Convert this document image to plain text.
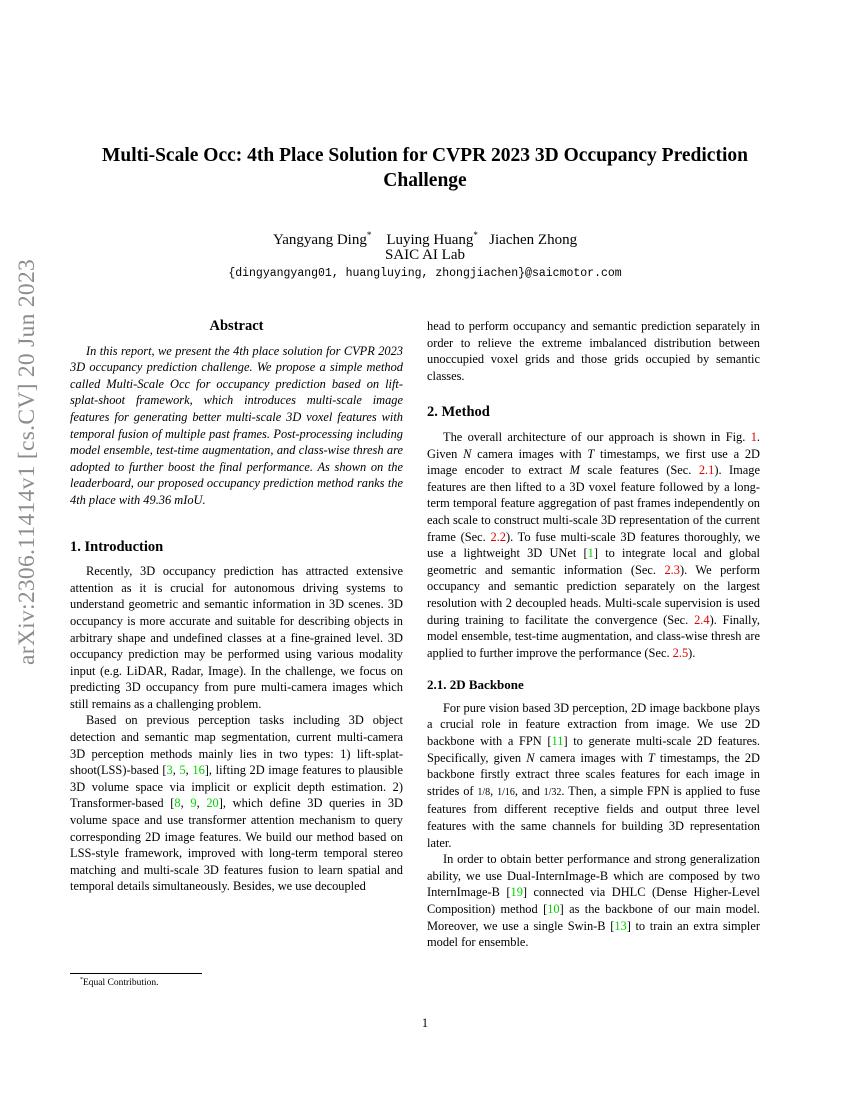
Multi-Scale Occ: 4th Place Solution for CVPR 2023 3D Occupancy Prediction Challenge
Yangyang Ding* Luying Huang* Jiachen Zhong
SAIC AI Lab
{dingyangyang01, huangluying, zhongjiachen}@saicmotor.com
arXiv:2306.11414v1 [cs.CV] 20 Jun 2023	Abstract

In this report, we present the 4th place solution for CVPR 2023 3D occupancy prediction challenge. We propose a simple method called Multi-Scale Occ for occupancy prediction based on lift-splat-shoot framework, which introduces multi-scale image features for generating better multi-scale 3D voxel features with temporal fusion of multiple past frames. Post-processing including model ensemble, test-time augmentation, and class-wise thresh are adopted to further boost the final performance. As shown on the leaderboard, our proposed occupancy prediction method ranks the 4th place with 49.36 mIoU.

1. Introduction

Recently, 3D occupancy prediction has attracted extensive attention as it is crucial for autonomous driving systems to understand geometric and semantic information in 3D scenes. 3D occupancy is more accurate and suitable for describing objects in arbitrary shape and undefined classes at a fine-grained level. 3D occupancy prediction may be performed using various modality input (e.g. LiDAR, Radar, Image). In the challenge, we focus on predicting 3D occupancy from pure multi-camera images which still remains as a challenging problem.

Based on previous perception tasks including 3D object detection and semantic map segmentation, current multi-camera 3D perception methods mainly lies in two types: 1) lift-splat-shoot(LSS)-based [3, 5, 16], lifting 2D image features to plausible 3D volume space via implicit or explicit depth estimation. 2) Transformer-based [8, 9, 20], which define 3D queries in 3D volume space and use transformer attention mechanism to query corresponding 2D image features. We build our method based on LSS-style framework, improved with long-term temporal stereo matching and multi-scale 3D features fusion to learn spatial and temporal details simultaneously. Besides, we use decoupled

head to perform occupancy and semantic prediction separately in order to relieve the extreme imbalanced distribution between unoccupied voxel grids and those grids occupied by semantic classes.

2. Method

The overall architecture of our approach is shown in Fig. 1. Given N camera images with T timestamps, we first use a 2D image encoder to extract M scale features (Sec. 2.1). Image features are then lifted to a 3D voxel feature followed by a long-term temporal feature aggregation of past frames independently on each scale to construct multi-scale 3D representation of the current frame (Sec. 2.2). To fuse multi-scale 3D features thoroughly, we use a lightweight 3D UNet [1] to integrate local and global geometric and semantic information (Sec. 2.3). We perform occupancy and semantic prediction separately on the largest resolution with 2 decoupled heads. Multi-scale supervision is used during training to facilitate the convergence (Sec. 2.4). Finally, model ensemble, test-time augmentation, and class-wise thresh are applied to further improve the performance (Sec. 2.5).

2.1. 2D Backbone

For pure vision based 3D perception, 2D image backbone plays a crucial role in feature extraction from image. We use 2D backbone with a FPN [11] to generate multi-scale 2D features. Specifically, given N camera images with T timestamps, the 2D backbone firstly extract three scales features for each image in strides of 1/8, 1/16, and 1/32. Then, a simple FPN is applied to fuse features from different receptive fields and output three level features with the same channels for building 3D representation later.

In order to obtain better performance and strong generalization ability, we use Dual-InternImage-B which are composed by two InternImage-B [19] connected via DHLC (Dense Higher-Level Composition) method [10] as the backbone of our main model. Moreover, we use a single Swin-B [13] to train an extra simpler model for ensemble.

*Equal Contribution.
1
